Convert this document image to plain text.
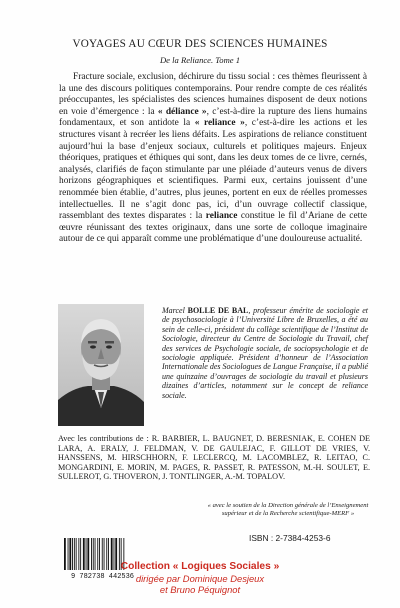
VOYAGES AU CŒUR DES SCIENCES HUMAINES
De la Reliance. Tome 1

Fracture sociale, exclusion, déchirure du tissu social : ces thèmes fleurissent à la une des discours politiques contemporains. Pour rendre compte de ces réalités préoccupantes, les spécialistes des sciences humaines disposent de deux notions en voie d’émergence : la « déliance », c’est-à-dire la rupture des liens humains fondamentaux, et son antidote la « reliance », c’est-à-dire les actions et les structures visant à recréer les liens défaits. Les aspirations de reliance constituent aujourd’hui la base d’enjeux sociaux, culturels et politiques majeurs. Enjeux théoriques, pratiques et éthiques qui sont, dans les deux tomes de ce livre, cernés, analysés, clarifiés de façon stimulante par une pléiade d’auteurs venus de divers horizons géographiques et scientifiques. Parmi eux, certains jouissent d’une renommée bien établie, d’autres, plus jeunes, portent en eux de réelles promesses intellectuelles. Il ne s’agit donc pas, ici, d’un ouvrage collectif classique, rassemblant des textes disparates : la reliance constitue le fil d’Ariane de cette œuvre réunissant des textes originaux, dans une sorte de colloque imaginaire autour de ce qui apparaît comme une problématique d’une douloureuse actualité.

Marcel BOLLE DE BAL, professeur émérite de sociologie et de psychosociologie à l’Université Libre de Bruxelles, a été au sein de celle-ci, président du collège scientifique de l’Institut de Sociologie, directeur du Centre de Sociologie du Travail, chef des services de Psychologie sociale, de sociopsychologie et de sociologie appliquée. Président d’honneur de l’Association Internationale des Sociologues de Langue Française, il a publié une quinzaine d’ouvrages de sociologie du travail et plusieurs dizaines d’articles, notamment sur le concept de reliance sociale.
Avec les contributions de : R. BARBIER, L. BAUGNET, D. BERESNIAK, E. COHEN DE LARA, A. ERALY, J. FELDMAN, V. DE GAULEJAC, F. GILLOT DE VRIES, V. HANSSENS, M. HIRSCHHORN, F. LECLERCQ, M. LACOMBLEZ, R. LEITAO, C. MONGARDINI, E. MORIN, M. PAGES, R. PASSET, R. PATESSON, M.-H. SOULET, E. SULLEROT, G. THOVERON, J. TONTLINGER, A.-M. TOPALOV.
« avec le soutien de la Direction générale de l’Enseignement supérieur et de la Recherche scientifique-MERF »
9 782738 442536
ISBN : 2-7384-4253-6
Collection « Logiques Sociales »
dirigée par Dominique Desjeux
et Bruno Péquignot
